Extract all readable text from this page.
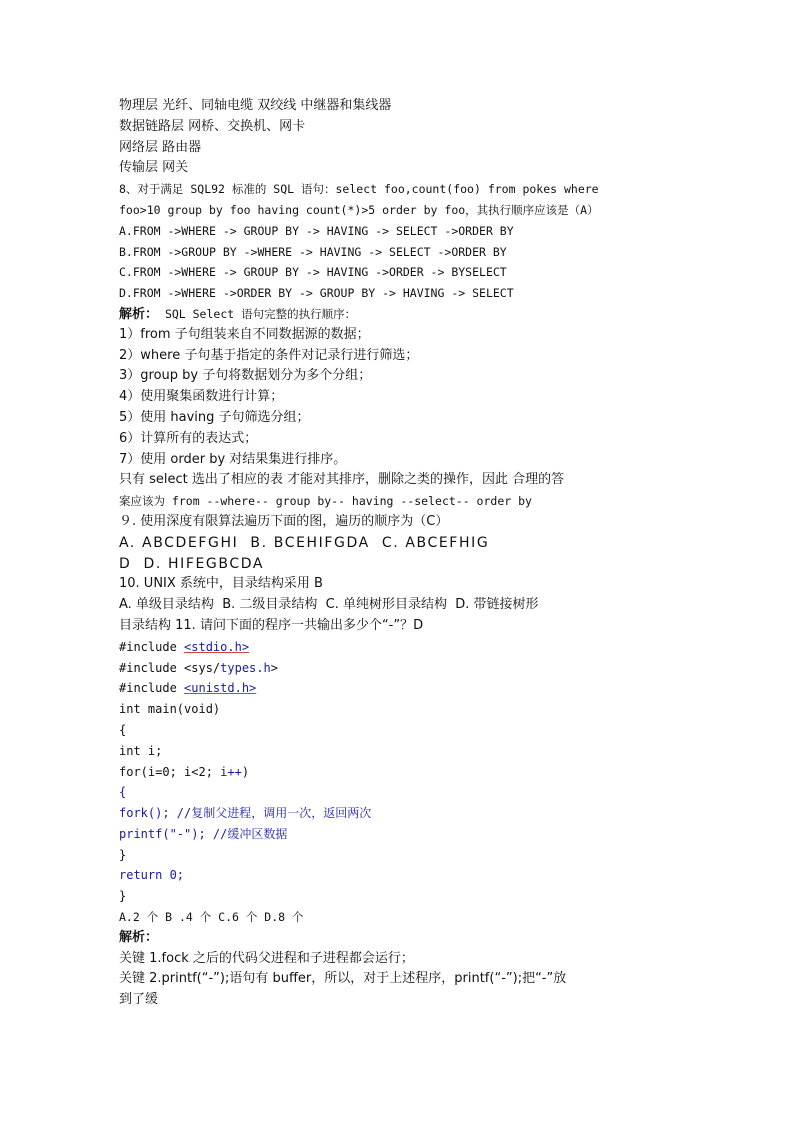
物理层 光纤、同轴电缆 双绞线 中继器和集线器
数据链路层 网桥、交换机、网卡
网络层 路由器
传输层 网关
8、对于满足 SQL92 标准的 SQL 语句：select foo,count(foo) from pokes where
foo>10 group by foo having count(*)>5 order by foo，其执行顺序应该是（A）
A.FROM ->WHERE -> GROUP BY -> HAVING -> SELECT ->ORDER BY
B.FROM ->GROUP BY ->WHERE -> HAVING -> SELECT ->ORDER BY
C.FROM ->WHERE -> GROUP BY -> HAVING ->ORDER -> BYSELECT
D.FROM ->WHERE ->ORDER BY -> GROUP BY -> HAVING -> SELECT
解析： SQL Select 语句完整的执行顺序：
1）from 子句组装来自不同数据源的数据；
2）where 子句基于指定的条件对记录行进行筛选；
3）group by 子句将数据划分为多个分组；
4）使用聚集函数进行计算；
5）使用 having 子句筛选分组；
6）计算所有的表达式；
7）使用 order by 对结果集进行排序。
只有 select 选出了相应的表 才能对其排序，删除之类的操作，因此 合理的答
案应该为 from --where-- group by-- having --select-- order by
９. 使用深度有限算法遍历下面的图，遍历的顺序为（C）
A. ABCDEFGHI  B. BCEHIFGDA  C. ABCEFHIG
D  D. HIFEGBCDA
10. UNIX 系统中，目录结构采用 B
A. 单级目录结构  B. 二级目录结构  C. 单纯树形目录结构  D. 带链接树形
目录结构 11. 请问下面的程序一共输出多少个“-”？D
#include <stdio.h>
#include <sys/types.h>
#include <unistd.h>
int main(void)
{
int i;
for(i=0; i<2; i++)
{
fork(); //复制父进程，调用一次，返回两次
printf("-"); //缓冲区数据
}
return 0;
}
A.2 个 B .4 个 C.6 个 D.8 个
解析：
关键 1.fock 之后的代码父进程和子进程都会运行；
关键 2.printf(“-”);语句有 buffer，所以，对于上述程序，printf(“-”);把“-”放
到了缓
